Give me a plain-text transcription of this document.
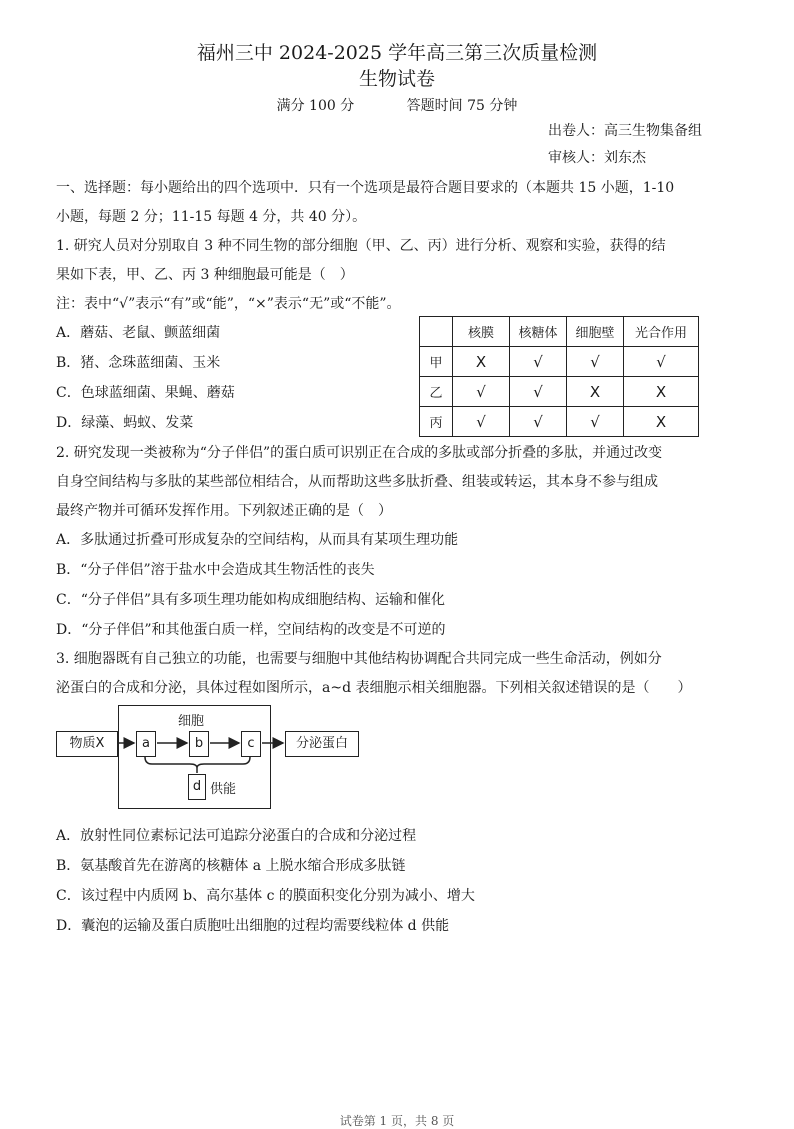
福州三中 2024-2025 学年高三第三次质量检测
生物试卷
满分 100 分	答题时间 75 分钟
出卷人：高三生物集备组
审核人：刘东杰
一、选择题：每小题给出的四个选项中．只有一个选项是最符合题目要求的（本题共 15 小题，1-10
小题，每题 2 分；11-15 每题 4 分，共 40 分）。
1. 研究人员对分别取自 3 种不同生物的部分细胞（甲、乙、丙）进行分析、观察和实验，获得的结
果如下表，甲、乙、丙 3 种细胞最可能是（　）
注：表中“√”表示“有”或“能”，“×”表示“无”或“不能”。
A．蘑菇、老鼠、颤蓝细菌
B．猪、念珠蓝细菌、玉米
C．色球蓝细菌、果蝇、蘑菇
D．绿藻、蚂蚁、发菜
	核膜	核糖体	细胞壁	光合作用
甲	X	√	√	√
乙	√	√	X	X
丙	√	√	√	X
2. 研究发现一类被称为“分子伴侣”的蛋白质可识别正在合成的多肽或部分折叠的多肽，并通过改变
自身空间结构与多肽的某些部位相结合，从而帮助这些多肽折叠、组装或转运，其本身不参与组成
最终产物并可循环发挥作用。下列叙述正确的是（　）
A．多肽通过折叠可形成复杂的空间结构，从而具有某项生理功能
B．“分子伴侣”溶于盐水中会造成其生物活性的丧失
C．“分子伴侣”具有多项生理功能如构成细胞结构、运输和催化
D．“分子伴侣”和其他蛋白质一样，空间结构的改变是不可逆的
3. 细胞器既有自己独立的功能，也需要与细胞中其他结构协调配合共同完成一些生命活动，例如分
泌蛋白的合成和分泌，具体过程如图所示，a~d 表细胞示相关细胞器。下列相关叙述错误的是（　　）
细胞
物质X	a	b	c	分泌蛋白
d 供能
A．放射性同位素标记法可追踪分泌蛋白的合成和分泌过程
B．氨基酸首先在游离的核糖体 a 上脱水缩合形成多肽链
C．该过程中内质网 b、高尔基体 c 的膜面积变化分别为减小、增大
D．囊泡的运输及蛋白质胞吐出细胞的过程均需要线粒体 d 供能
试卷第 1 页，共 8 页
